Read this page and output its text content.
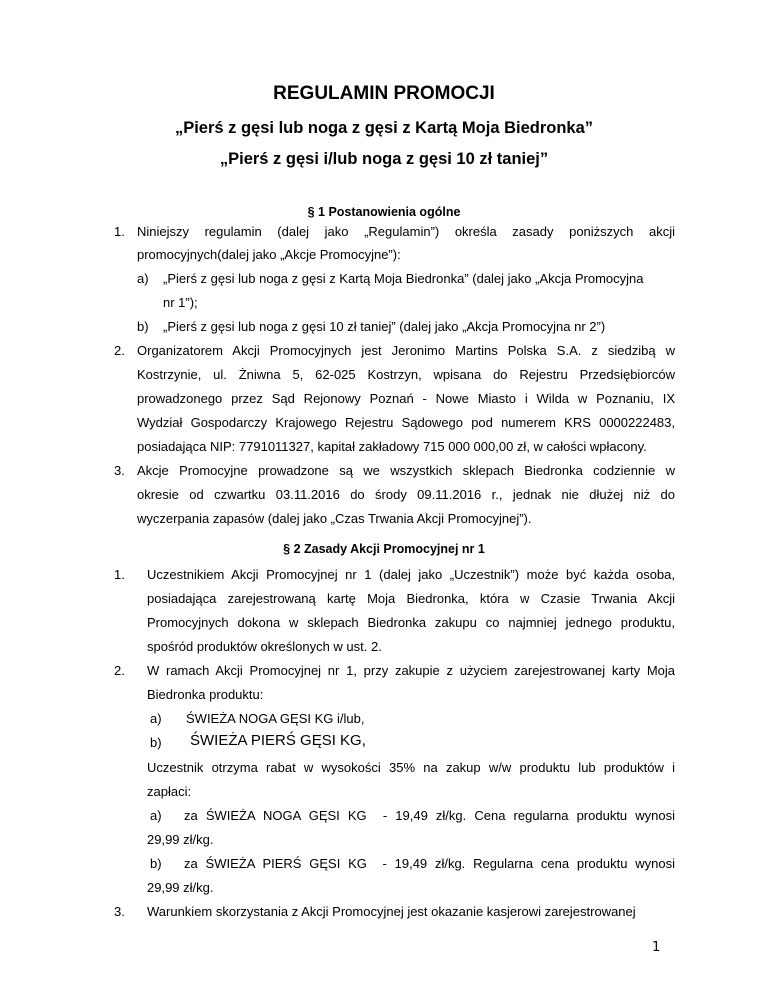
REGULAMIN PROMOCJI
„Pierś z gęsi lub noga z gęsi z Kartą Moja Biedronka”
„Pierś z gęsi i/lub noga z gęsi 10 zł taniej”
§ 1 Postanowienia ogólne
1. Niniejszy regulamin (dalej jako „Regulamin”) określa zasady poniższych akcji
promocyjnych(dalej jako „Akcje Promocyjne”):
a) „Pierś z gęsi lub noga z gęsi z Kartą Moja Biedronka” (dalej jako „Akcja Promocyjna
nr 1”);
b) „Pierś z gęsi lub noga z gęsi 10 zł taniej” (dalej jako „Akcja Promocyjna nr 2”)
2. Organizatorem Akcji Promocyjnych jest Jeronimo Martins Polska S.A. z siedzibą w
Kostrzynie, ul. Żniwna 5, 62-025 Kostrzyn, wpisana do Rejestru Przedsiębiorców
prowadzonego przez Sąd Rejonowy Poznań - Nowe Miasto i Wilda w Poznaniu, IX
Wydział Gospodarczy Krajowego Rejestru Sądowego pod numerem KRS 0000222483,
posiadająca NIP: 7791011327, kapitał zakładowy 715 000 000,00 zł, w całości wpłacony.
3. Akcje Promocyjne prowadzone są we wszystkich sklepach Biedronka codziennie w
okresie od czwartku 03.11.2016 do środy 09.11.2016 r., jednak nie dłużej niż do
wyczerpania zapasów (dalej jako „Czas Trwania Akcji Promocyjnej”).
§ 2 Zasady Akcji Promocyjnej nr 1
1. Uczestnikiem Akcji Promocyjnej nr 1 (dalej jako „Uczestnik”) może być każda osoba,
posiadająca zarejestrowaną kartę Moja Biedronka, która w Czasie Trwania Akcji
Promocyjnych dokona w sklepach Biedronka zakupu co najmniej jednego produktu,
spośród produktów określonych w ust. 2.
2. W ramach Akcji Promocyjnej nr 1, przy zakupie z użyciem zarejestrowanej karty Moja
Biedronka produktu:
a) ŚWIEŻA NOGA GĘSI KG i/lub,
b) ŚWIEŻA PIERŚ GĘSI KG,
Uczestnik otrzyma rabat w wysokości 35% na zakup w/w produktu lub produktów i
zapłaci:
a) za ŚWIEŻA NOGA GĘSI KG  - 19,49 zł/kg. Cena regularna produktu wynosi
29,99 zł/kg.
b) za ŚWIEŻA PIERŚ GĘSI KG  - 19,49 zł/kg. Regularna cena produktu wynosi
29,99 zł/kg.
3. Warunkiem skorzystania z Akcji Promocyjnej jest okazanie kasjerowi zarejestrowanej
1
